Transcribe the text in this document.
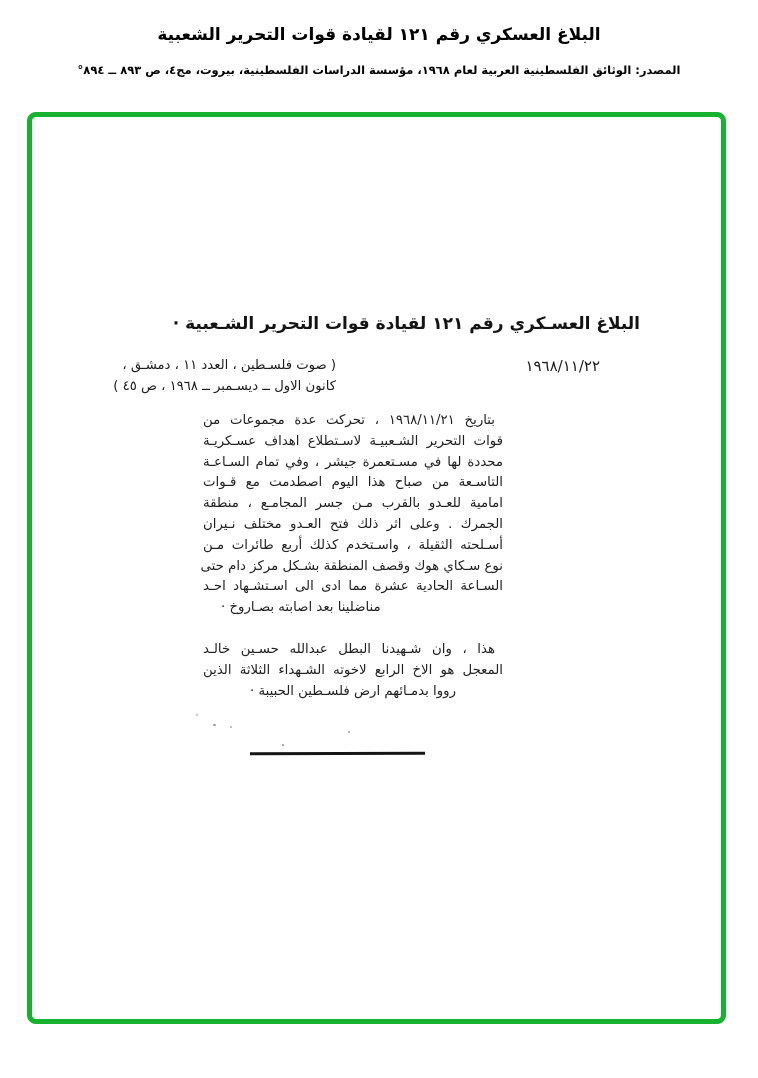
البلاغ العسكري رقم ١٢١ لقيادة قوات التحرير الشعبية
المصدر: الوثائق الفلسطينية العربية لعام ١٩٦٨، مؤسسة الدراسات الفلسطينية، بيروت، مج٤، ص ٨٩٣ ــ ٨٩٤°
البلاغ العسـكري رقم ١٢١ لقيادة قوات التحرير الشـعبية ·
١٩٦٨/١١/٢٢
( صوت فلسـطين ، العدد ١١ ، دمشـق ،
كانون الاول ــ ديسـمبر ــ ١٩٦٨ ، ص ٤٥ )
بتاريخ ١٩٦٨/١١/٢١ ، تحركت عدة مجموعات من
قوات التحرير الشـعبيـة لاسـتطلاع اهداف عسـكريـة
محددة لها في مسـتعمرة جيشر ، وفي تمام السـاعـة
التاسـعة من صباح هذا اليوم اصطدمت مع قـوات
امامية للعـدو بالقرب مـن جسر المجامـع ، منطقة
الجمرك . وعلى اثر ذلك فتح العـدو مختلف نـيران
أسـلحته الثقيلة ، واسـتخدم كذلك أربع طائرات مـن
نوع سـكاي هوك وقصف المنطقة بشـكل مركز دام حتى
السـاعة الحادية عشرة مما ادى الى اسـتشـهاد احـد
مناضلينا بعد اصابته بصـاروخ ·
هذا ، وان شـهيدنا البطل عبدالله حسـين خالـد
المعجل هو الاخ الرابع لاخوته الشـهداء الثلاثة الذين
رووا بدمـائهم ارض فلسـطين الحبيبة ·
